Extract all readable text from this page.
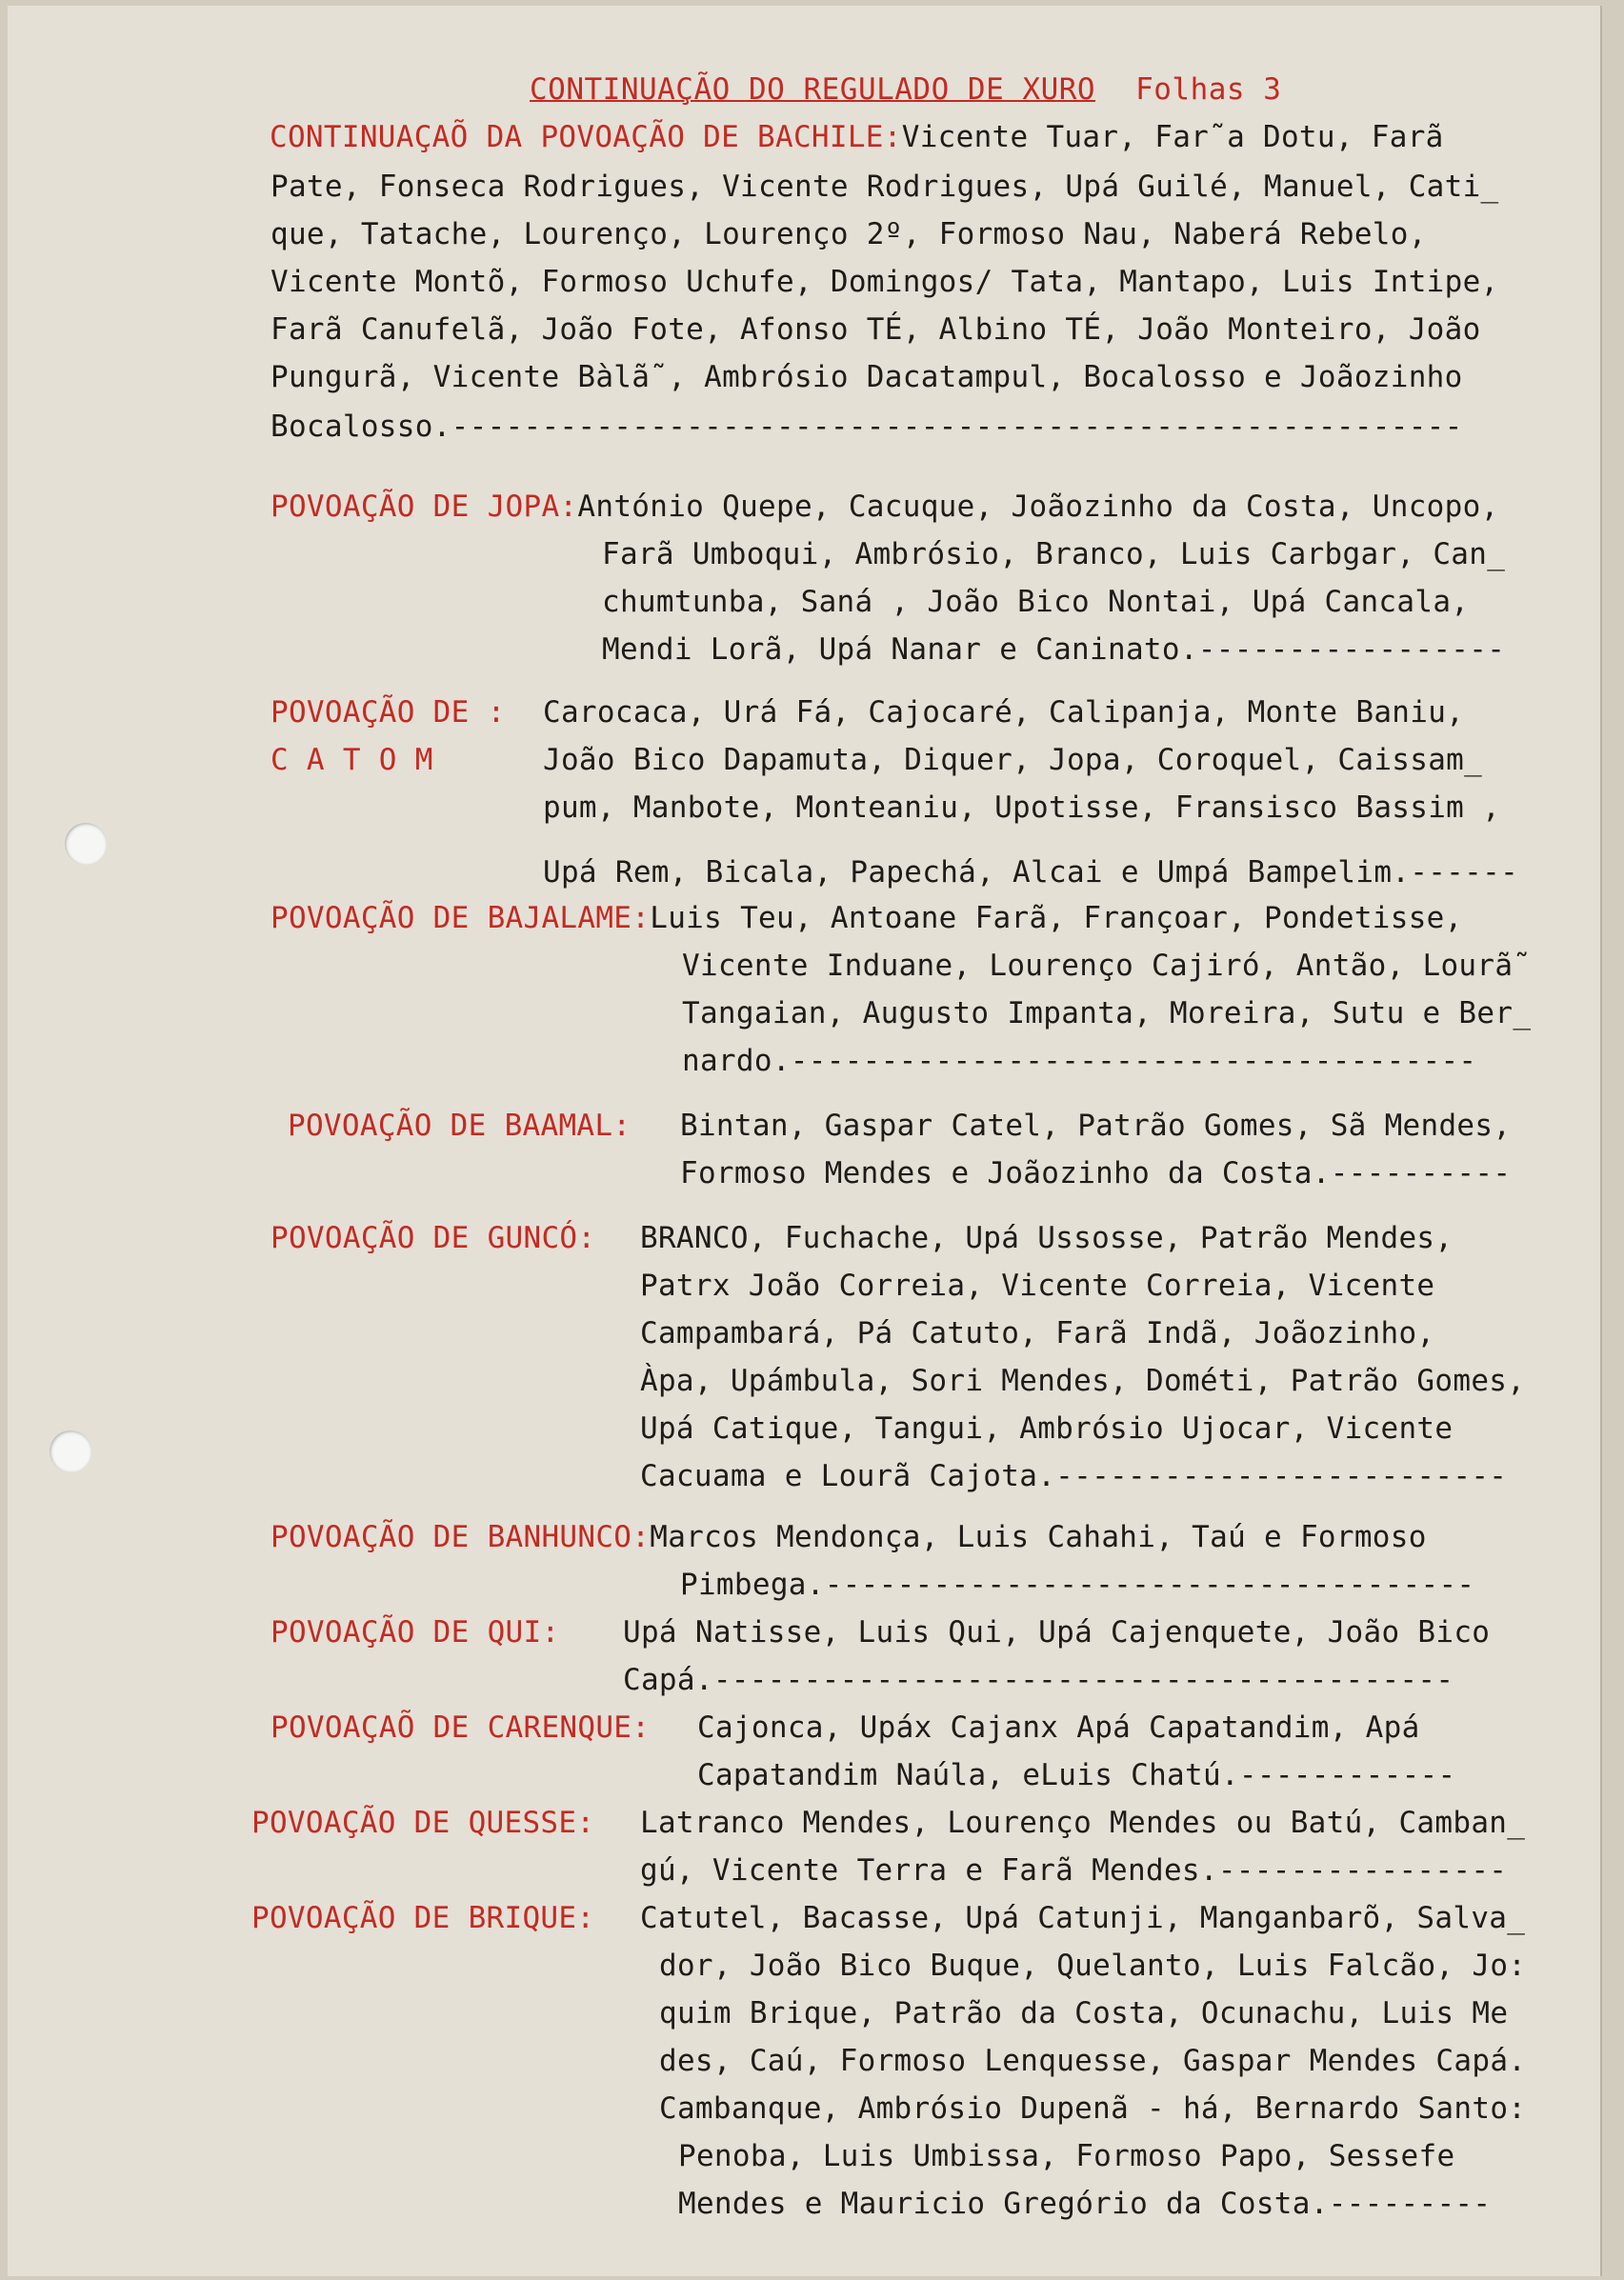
CONTINUAÇÃO DO REGULADO DE XURO Folhas 3
CONTINUAÇAÕ DA POVOAÇÃO DE BACHILE:Vicente Tuar, Far˜a Dotu, Farã
Pate, Fonseca Rodrigues, Vicente Rodrigues, Upá Guilé, Manuel, Cati_
que, Tatache, Lourenço, Lourenço 2º, Formoso Nau, Naberá Rebelo,
Vicente Montõ, Formoso Uchufe, Domingos/ Tata, Mantapo, Luis Intipe,
Farã Canufelã, João Fote, Afonso TÉ, Albino TÉ, João Monteiro, João
Pungurã, Vicente Bàlã˜, Ambrósio Dacatampul, Bocalosso e Joãozinho
Bocalosso.--------------------------------------------------------
POVOAÇÃO DE JOPA:António Quepe, Cacuque, Joãozinho da Costa, Uncopo,
Farã Umboqui, Ambrósio, Branco, Luis Carbgar, Can_
chumtunba, Saná , João Bico Nontai, Upá Cancala,
Mendi Lorã, Upá Nanar e Caninato.-----------------
POVOAÇÃO DE :
C A T O M
Carocaca, Urá Fá, Cajocaré, Calipanja, Monte Baniu,
João Bico Dapamuta, Diquer, Jopa, Coroquel, Caissam_
pum, Manbote, Monteaniu, Upotisse, Fransisco Bassim ,
Upá Rem, Bicala, Papechá, Alcai e Umpá Bampelim.------
POVOAÇÃO DE BAJALAME:Luis Teu, Antoane Farã, Françoar, Pondetisse,
Vicente Induane, Lourenço Cajiró, Antão, Lourã˜
Tangaian, Augusto Impanta, Moreira, Sutu e Ber_
nardo.--------------------------------------
POVOAÇÃO DE BAAMAL: Bintan, Gaspar Catel, Patrão Gomes, Sã Mendes,
Formoso Mendes e Joãozinho da Costa.----------
POVOAÇÃO DE GUNCÓ: BRANCO, Fuchache, Upá Ussosse, Patrão Mendes,
Patrx João Correia, Vicente Correia, Vicente
Campambará, Pá Catuto, Farã Indã, Joãozinho,
Àpa, Upámbula, Sori Mendes, Dométi, Patrão Gomes,
Upá Catique, Tangui, Ambrósio Ujocar, Vicente
Cacuama e Lourã Cajota.-------------------------
POVOAÇÃO DE BANHUNCO:Marcos Mendonça, Luis Cahahi, Taú e Formoso
Pimbega.------------------------------------
POVOAÇÃO DE QUI: Upá Natisse, Luis Qui, Upá Cajenquete, João Bico
Capá.-----------------------------------------
POVOAÇAÕ DE CARENQUE: Cajonca, Upáx Cajanx Apá Capatandim, Apá
Capatandim Naúla, eLuis Chatú.------------
POVOAÇÃO DE QUESSE: Latranco Mendes, Lourenço Mendes ou Batú, Camban_
gú, Vicente Terra e Farã Mendes.----------------
POVOAÇÃO DE BRIQUE: Catutel, Bacasse, Upá Catunji, Manganbarõ, Salva_
dor, João Bico Buque, Quelanto, Luis Falcão, Jo:
quim Brique, Patrão da Costa, Ocunachu, Luis Me
des, Caú, Formoso Lenquesse, Gaspar Mendes Capá.
Cambanque, Ambrósio Dupenã - há, Bernardo Santo:
Penoba, Luis Umbissa, Formoso Papo, Sessefe
Mendes e Mauricio Gregório da Costa.---------
